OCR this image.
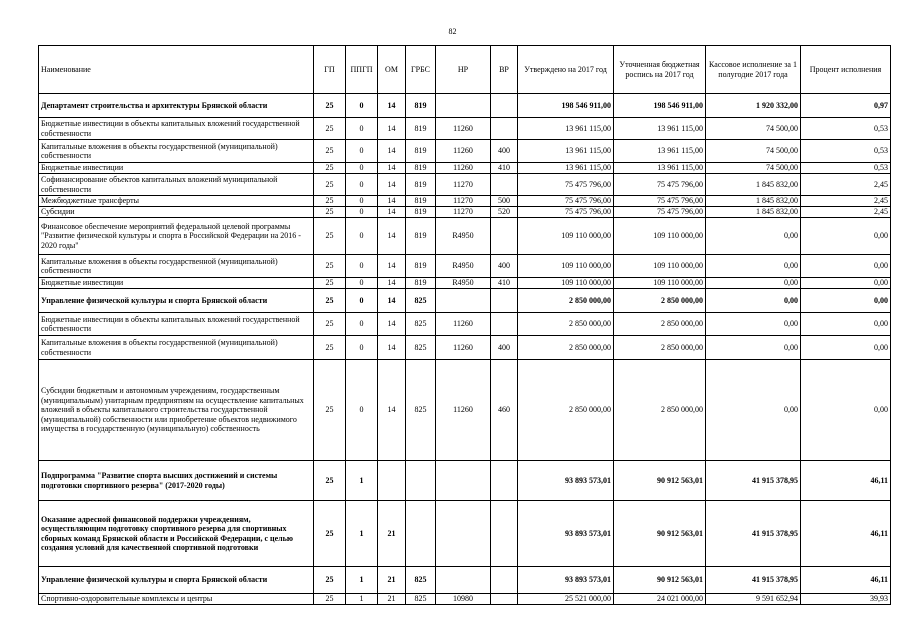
82
Наименование	ГП	ППГП	ОМ	ГРБС	НР	ВР	Утверждено на 2017 год	Уточненная бюджетная роспись на 2017 год	Кассовое исполнение за 1 полугодие 2017 года	Процент исполнения
Департамент строительства и архитектуры Брянской области	25	0	14	819			198 546 911,00	198 546 911,00	1 920 332,00	0,97
Бюджетные инвестиции в объекты капитальных вложений государственной собственности	25	0	14	819	11260		13 961 115,00	13 961 115,00	74 500,00	0,53
Капитальные вложения в объекты государственной (муниципальной) собственности	25	0	14	819	11260	400	13 961 115,00	13 961 115,00	74 500,00	0,53
Бюджетные инвестиции	25	0	14	819	11260	410	13 961 115,00	13 961 115,00	74 500,00	0,53
Софинансирование объектов капитальных вложений муниципальной собственности	25	0	14	819	11270		75 475 796,00	75 475 796,00	1 845 832,00	2,45
Межбюджетные трансферты	25	0	14	819	11270	500	75 475 796,00	75 475 796,00	1 845 832,00	2,45
Субсидии	25	0	14	819	11270	520	75 475 796,00	75 475 796,00	1 845 832,00	2,45
Финансовое обеспечение мероприятий федеральной целевой программы "Развитие физической культуры и спорта в Российской Федерации на 2016 - 2020 годы"	25	0	14	819	R4950		109 110 000,00	109 110 000,00	0,00	0,00
Капитальные вложения в объекты государственной (муниципальной) собственности	25	0	14	819	R4950	400	109 110 000,00	109 110 000,00	0,00	0,00
Бюджетные инвестиции	25	0	14	819	R4950	410	109 110 000,00	109 110 000,00	0,00	0,00
Управление физической культуры и спорта Брянской области	25	0	14	825			2 850 000,00	2 850 000,00	0,00	0,00
Бюджетные инвестиции в объекты капитальных вложений государственной собственности	25	0	14	825	11260		2 850 000,00	2 850 000,00	0,00	0,00
Капитальные вложения в объекты государственной (муниципальной) собственности	25	0	14	825	11260	400	2 850 000,00	2 850 000,00	0,00	0,00
Субсидии бюджетным и автономным учреждениям, государственным (муниципальным) унитарным предприятиям на осуществление капитальных вложений в объекты капитального строительства государственной (муниципальной) собственности или приобретение объектов недвижимого имущества в государственную (муниципальную) собственность	25	0	14	825	11260	460	2 850 000,00	2 850 000,00	0,00	0,00
Подпрограмма "Развитие спорта высших достижений и системы подготовки спортивного резерва" (2017-2020 годы)	25	1					93 893 573,01	90 912 563,01	41 915 378,95	46,11
Оказание адресной финансовой поддержки учреждениям, осуществляющим подготовку спортивного резерва для спортивных сборных команд Брянской области и Российской Федерации, с целью создания условий для качественной спортивной подготовки	25	1	21				93 893 573,01	90 912 563,01	41 915 378,95	46,11
Управление физической культуры и спорта Брянской области	25	1	21	825			93 893 573,01	90 912 563,01	41 915 378,95	46,11
Спортивно-оздоровительные комплексы и центры	25	1	21	825	10980		25 521 000,00	24 021 000,00	9 591 652,94	39,93
